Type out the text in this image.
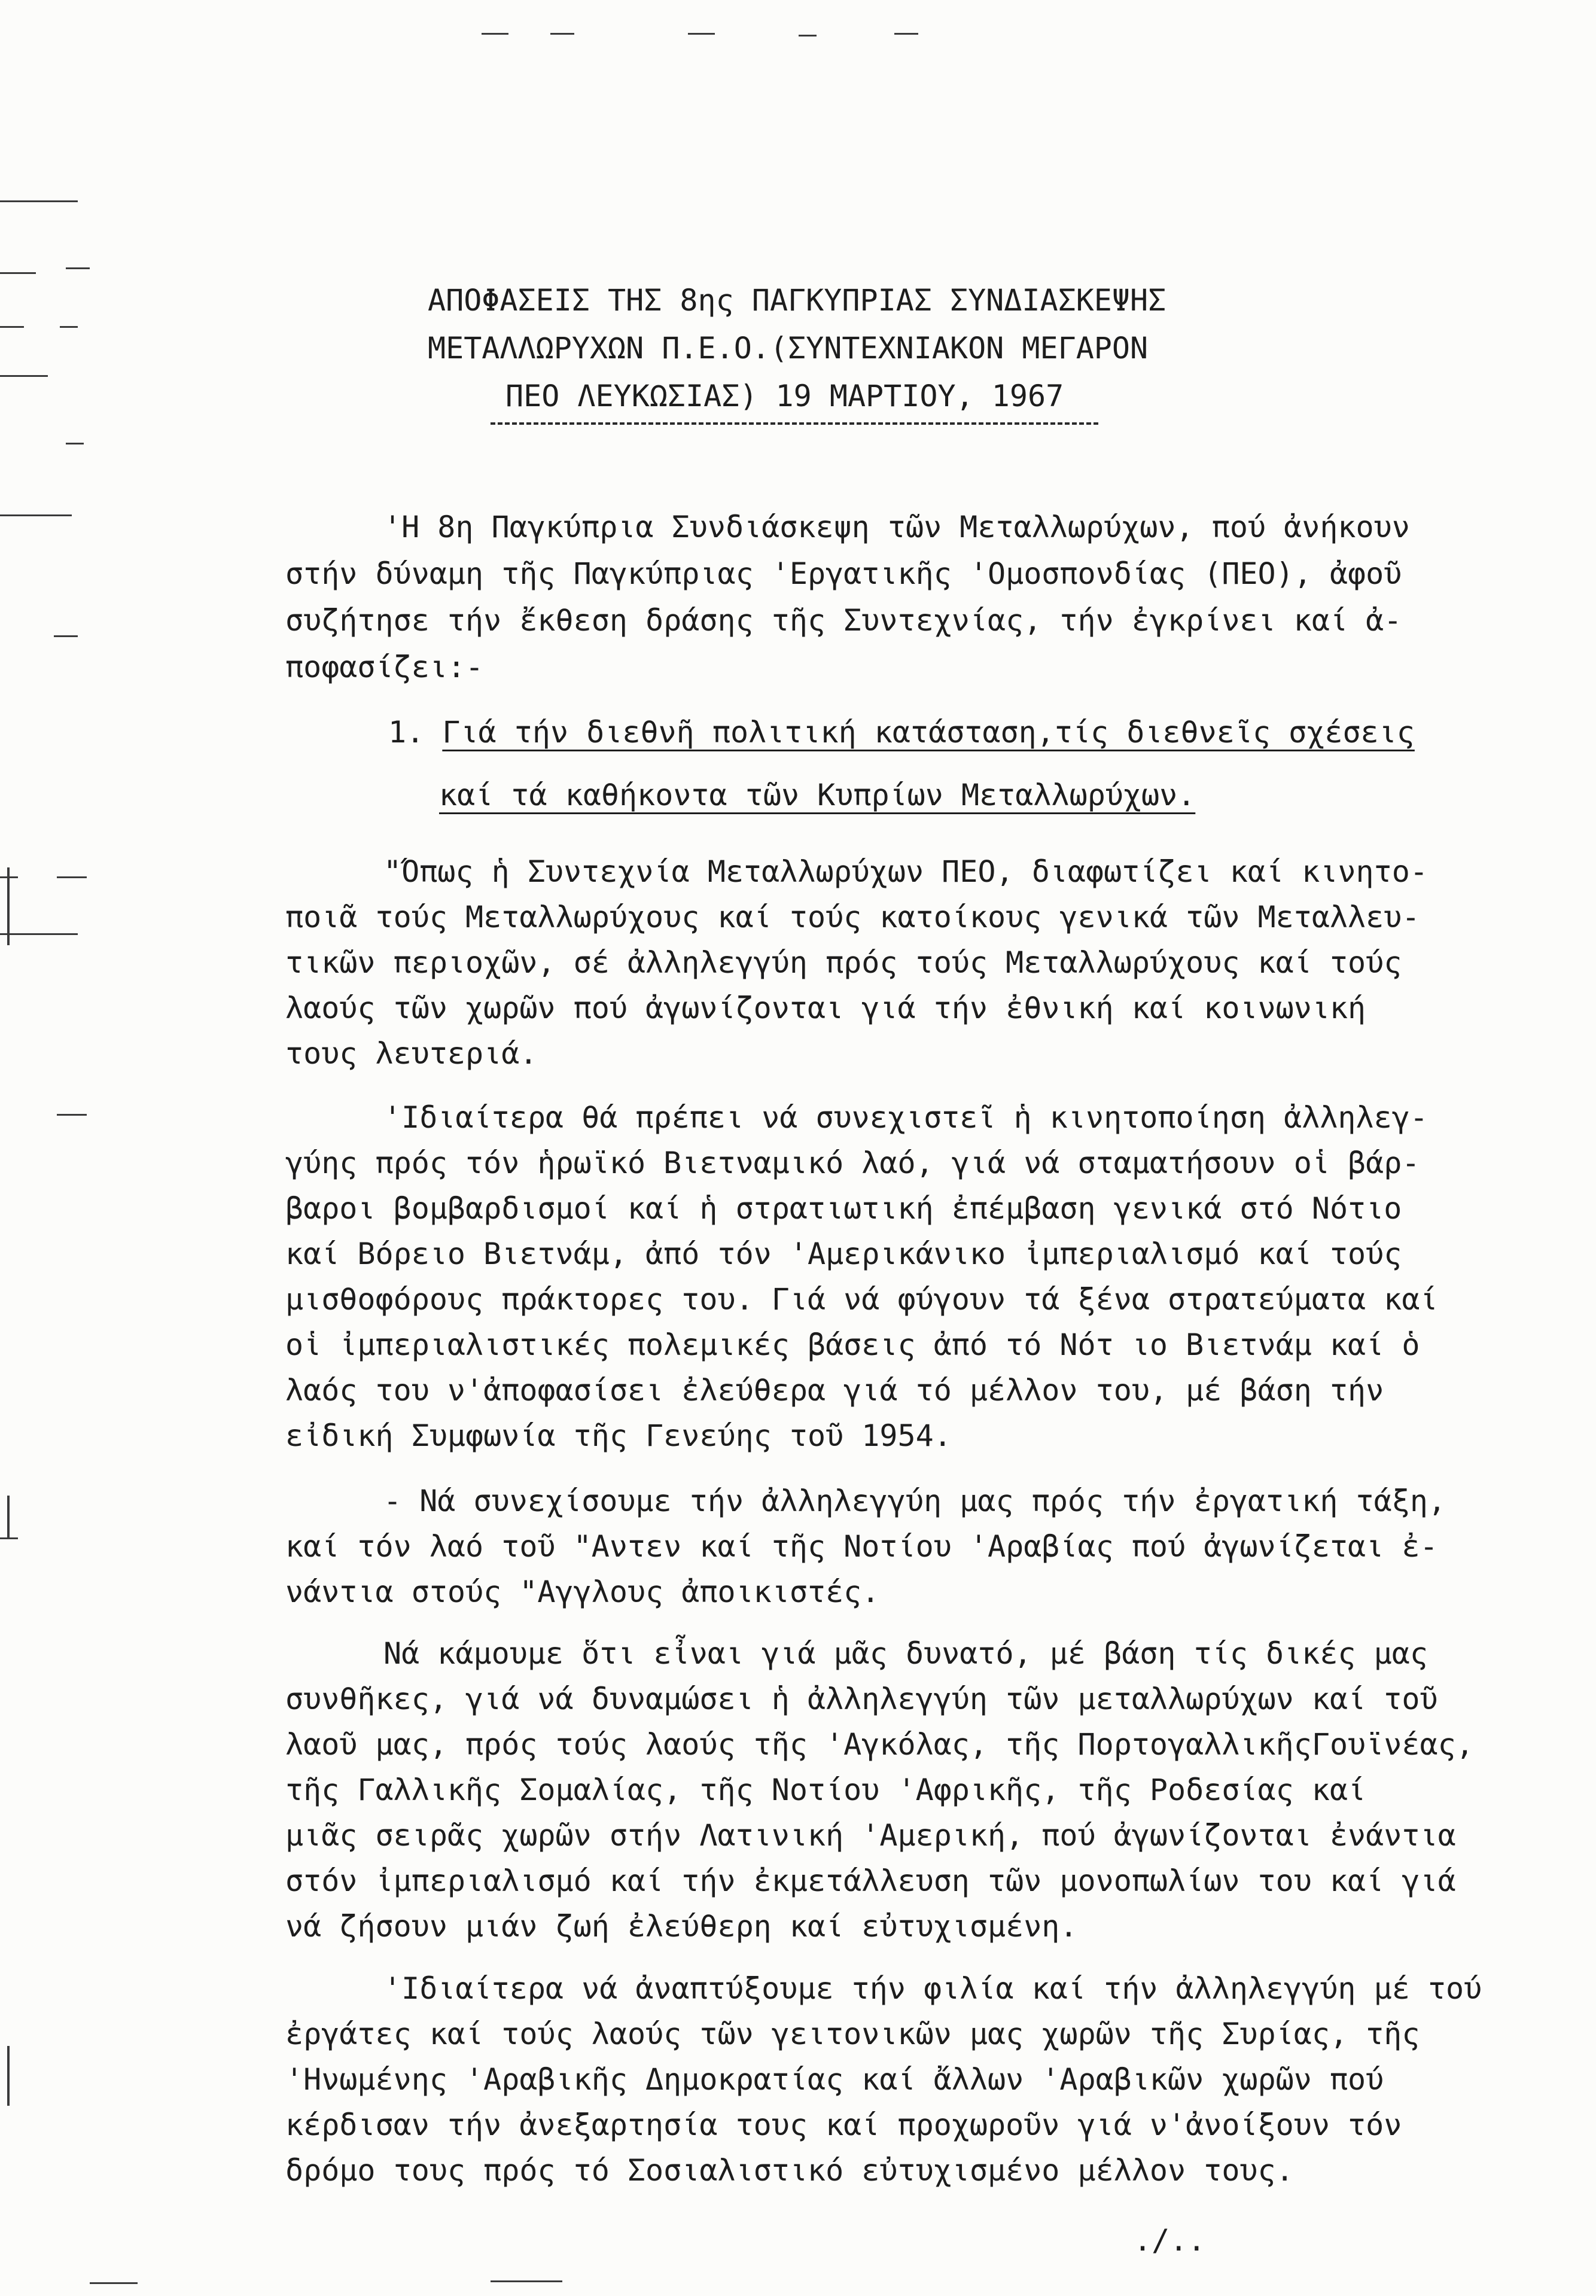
ΑΠΟΦΑΣΕΙΣ ΤΗΣ 8ης ΠΑΓΚΥΠΡΙΑΣ ΣΥΝΔΙΑΣΚΕΨΗΣ
ΜΕΤΑΛΛΩΡΥΧΩΝ Π.Ε.Ο.(ΣΥΝΤΕΧΝΙΑΚΟΝ ΜΕΓΑΡΟΝ
ΠΕΟ ΛΕΥΚΩΣΙΑΣ) 19 ΜΑΡΤΙΟΥ, 1967
'Η 8η Παγκύπρια Συνδιάσκεψη τῶν Μεταλλωρύχων, πού ἀνήκουν
στήν δύναμη τῆς Παγκύπριας 'Εργατικῆς 'Ομοσπονδίας (ΠΕΟ), ἀφοῦ
συζήτησε τήν ἔκθεση δράσης τῆς Συντεχνίας, τήν ἐγκρίνει καί ἀ-
ποφασίζει:-
1. Γιά τήν διεθνῆ πολιτική κατάσταση,τίς διεθνεῖς σχέσεις
καί τά καθήκοντα τῶν Κυπρίων Μεταλλωρύχων.
"Όπως ἡ Συντεχνία Μεταλλωρύχων ΠΕΟ, διαφωτίζει καί κινητο-
ποιᾶ τούς Μεταλλωρύχους καί τούς κατοίκους γενικά τῶν Μεταλλευ-
τικῶν περιοχῶν, σέ ἀλληλεγγύη πρός τούς Μεταλλωρύχους καί τούς
λαούς τῶν χωρῶν πού ἀγωνίζονται γιά τήν ἐθνική καί κοινωνική
τους λευτεριά.
'Ιδιαίτερα θά πρέπει νά συνεχιστεῖ ἡ κινητοποίηση ἀλληλεγ-
γύης πρός τόν ἡρωϊκό Βιετναμικό λαό, γιά νά σταματήσουν οἱ βάρ-
βαροι βομβαρδισμοί καί ἡ στρατιωτική ἐπέμβαση γενικά στό Νότιο
καί Βόρειο Βιετνάμ, ἀπό τόν 'Αμερικάνικο ἰμπεριαλισμό καί τούς
μισθοφόρους πράκτορες του. Γιά νά φύγουν τά ξένα στρατεύματα καί
οἱ ἰμπεριαλιστικές πολεμικές βάσεις ἀπό τό Νότ ιο Βιετνάμ καί ὁ
λαός του ν'ἀποφασίσει ἐλεύθερα γιά τό μέλλον του, μέ βάση τήν
εἰδική Συμφωνία τῆς Γενεύης τοῦ 1954.
- Νά συνεχίσουμε τήν ἀλληλεγγύη μας πρός τήν ἐργατική τάξη,
καί τόν λαό τοῦ "Αντεν καί τῆς Νοτίου 'Αραβίας πού ἀγωνίζεται ἐ-
νάντια στούς "Αγγλους ἀποικιστές.
Νά κάμουμε ὅτι εἶναι γιά μᾶς δυνατό, μέ βάση τίς δικές μας
συνθῆκες, γιά νά δυναμώσει ἡ ἀλληλεγγύη τῶν μεταλλωρύχων καί τοῦ
λαοῦ μας, πρός τούς λαούς τῆς 'Αγκόλας, τῆς ΠορτογαλλικῆςΓουϊνέας,
τῆς Γαλλικῆς Σομαλίας, τῆς Νοτίου 'Αφρικῆς, τῆς Ροδεσίας καί
μιᾶς σειρᾶς χωρῶν στήν Λατινική 'Αμερική, πού ἀγωνίζονται ἐνάντια
στόν ἰμπεριαλισμό καί τήν ἐκμετάλλευση τῶν μονοπωλίων του καί γιά
νά ζήσουν μιάν ζωή ἐλεύθερη καί εὐτυχισμένη.
'Ιδιαίτερα νά ἀναπτύξουμε τήν φιλία καί τήν ἀλληλεγγύη μέ τού
ἐργάτες καί τούς λαούς τῶν γειτονικῶν μας χωρῶν τῆς Συρίας, τῆς
'Ηνωμένης 'Αραβικῆς Δημοκρατίας καί ἄλλων 'Αραβικῶν χωρῶν πού
κέρδισαν τήν ἀνεξαρτησία τους καί προχωροῦν γιά ν'ἀνοίξουν τόν
δρόμο τους πρός τό Σοσιαλιστικό εὐτυχισμένο μέλλον τους.
./..
